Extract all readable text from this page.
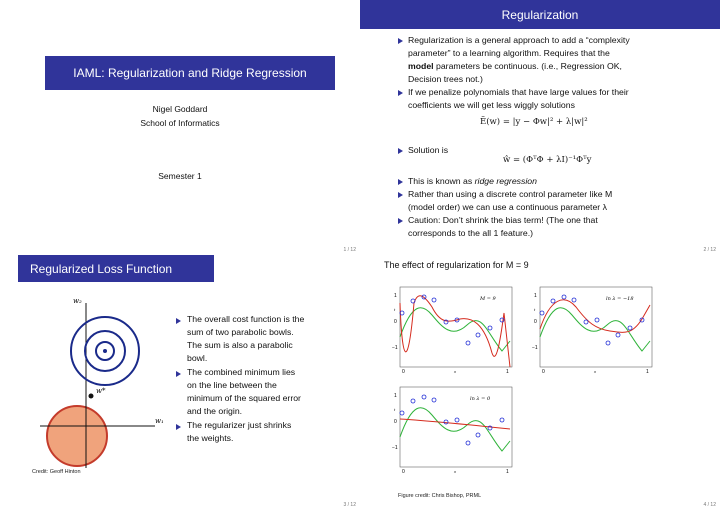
IAML: Regularization and Ridge Regression
Nigel Goddard
School of Informatics
Semester 1
1 / 12
Regularization
Regularization is a general approach to add a “complexity
parameter” to a learning algorithm. Requires that the
model parameters be continuous. (i.e., Regression OK,
Decision trees not.)
If we penalize polynomials that have large values for their
coefficients we will get less wiggly solutions
Ẽ(w) = |y − Φw|² + λ|w|²
Solution is
ŵ = (ΦᵀΦ + λI)⁻¹Φᵀy
This is known as ridge regression
Rather than using a discrete control parameter like M
(model order) we can use a continuous parameter λ
Caution: Don’t shrink the bias term! (The one that
corresponds to the all 1 feature.)
2 / 12
Regularized Loss Function
w*
w₂
w₁
The overall cost function is the
sum of two parabolic bowls.
The sum is also a parabolic
bowl.
The combined minimum lies
on the line between the
minimum of the squared error
and the origin.
The regularizer just shrinks
the weights.
Credit: Geoff Hinton
3 / 12
The effect of regularization for M = 9
1
0
−1
t
0	1
x
M = 9	1
0
−1
t
0	1
x
ln λ = −18
1
0
−1
t
0	1
x
ln λ = 0
Figure credit: Chris Bishop, PRML
4 / 12
